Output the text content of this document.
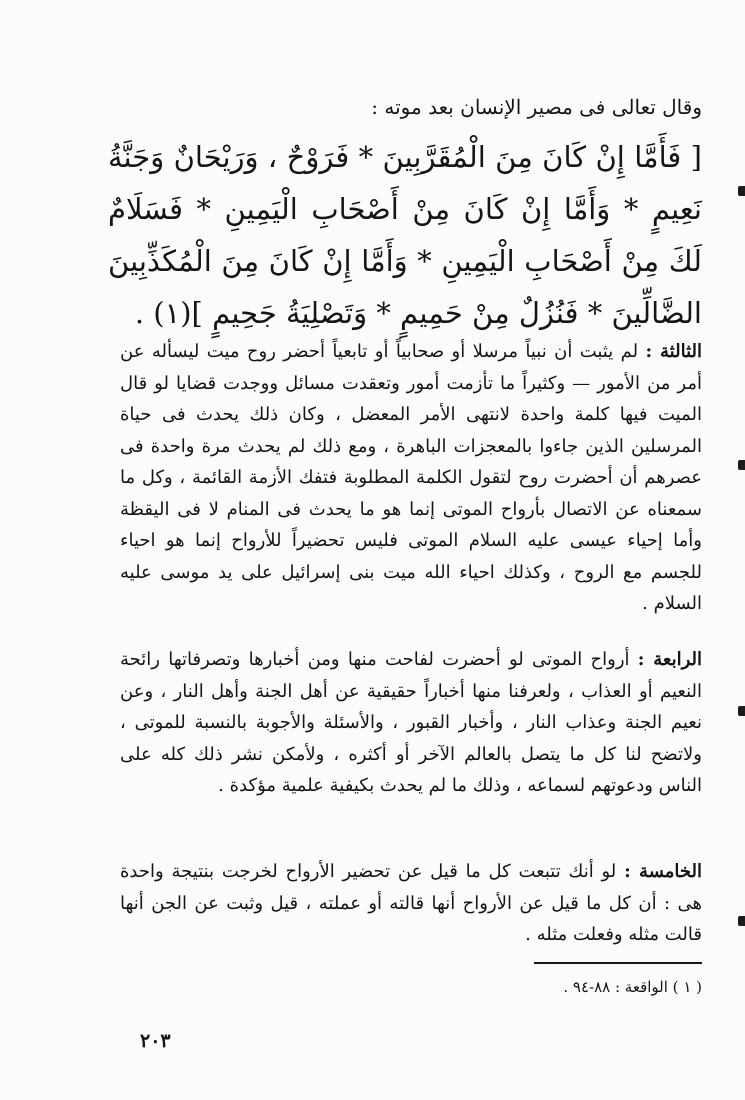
وقال تعالى فى مصير الإنسان بعد موته :
[ فَأَمَّا إِنْ كَانَ مِنَ الْمُقَرَّبِينَ * فَرَوْحٌ ، وَرَيْحَانٌ وَجَنَّةُ نَعِيمٍ * وَأَمَّا إِنْ كَانَ مِنْ أَصْحَابِ الْيَمِينِ * فَسَلَامٌ لَكَ مِنْ أَصْحَابِ الْيَمِينِ * وَأَمَّا إِنْ كَانَ مِنَ الْمُكَذِّبِينَ الضَّالِّينَ * فَنُزُلٌ مِنْ حَمِيمٍ * وَتَصْلِيَةُ جَحِيمٍ ](١) .
الثالثة : لم يثبت أن نبياً مرسلا أو صحابياً أو تابعياً أحضر روح ميت ليسأله عن أمر من الأمور — وكثيراً ما تأزمت أمور وتعقدت مسائل ووجدت قضايا لو قال الميت فيها كلمة واحدة لانتهى الأمر المعضل ، وكان ذلك يحدث فى حياة المرسلين الذين جاءوا بالمعجزات الباهرة ، ومع ذلك لم يحدث مرة واحدة فى عصرهم أن أحضرت روح لتقول الكلمة المطلوبة فتفك الأزمة القائمة ، وكل ما سمعناه عن الاتصال بأرواح الموتى إنما هو ما يحدث فى المنام لا فى اليقظة وأما إحياء عيسى عليه السلام الموتى فليس تحضيراً للأرواح إنما هو احياء للجسم مع الروح ، وكذلك احياء الله ميت بنى إسرائيل على يد موسى عليه السلام .
الرابعة : أرواح الموتى لو أحضرت لفاحت منها ومن أخبارها وتصرفاتها رائحة النعيم أو العذاب ، ولعرفنا منها أخباراً حقيقية عن أهل الجنة وأهل النار ، وعن نعيم الجنة وعذاب النار ، وأخبار القبور ، والأسئلة والأجوبة بالنسبة للموتى ، ولاتضح لنا كل ما يتصل بالعالم الآخر أو أكثره ، ولأمكن نشر ذلك كله على الناس ودعوتهم لسماعه ، وذلك ما لم يحدث بكيفية علمية مؤكدة .
الخامسة : لو أنك تتبعت كل ما قيل عن تحضير الأرواح لخرجت بنتيجة واحدة هى : أن كل ما قيل عن الأرواح أنها قالته أو عملته ، قيل وثبت عن الجن أنها قالت مثله وفعلت مثله .
( ١ ) الواقعة : ٨٨-٩٤ .
٢٠٣
